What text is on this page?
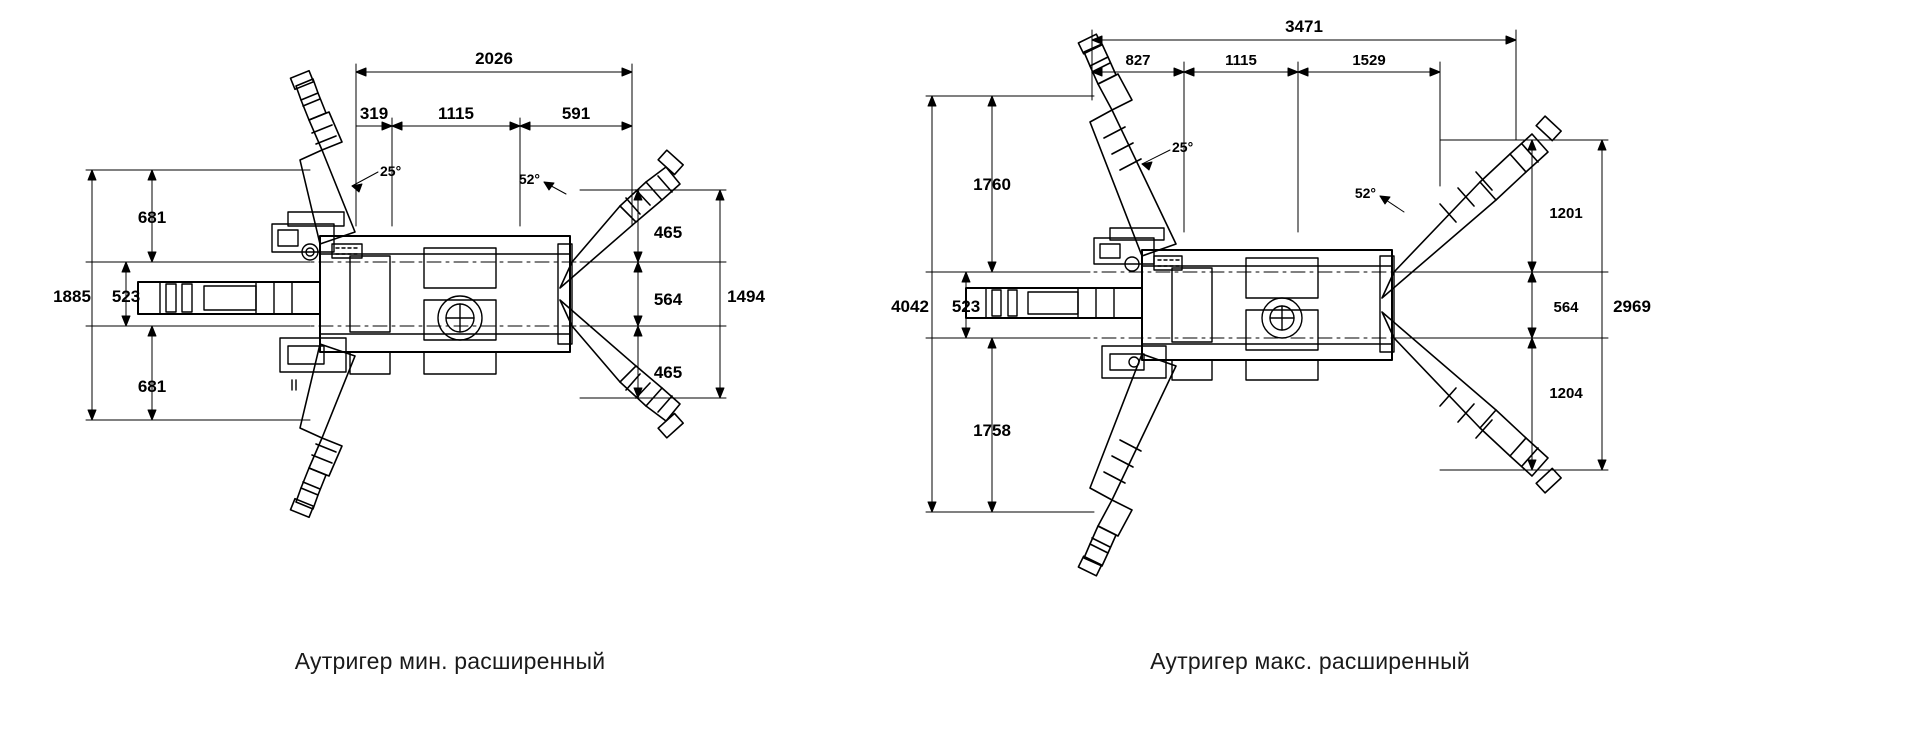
2026
319	1115	591
1885
681
681
523
465
564
465
1494
25°	52°
Аутригер мин. расширенный
3471
827	1115	1529
4042
1760
1758
523
1201
564
1204
2969
25°
52°
Аутригер макс. расширенный
